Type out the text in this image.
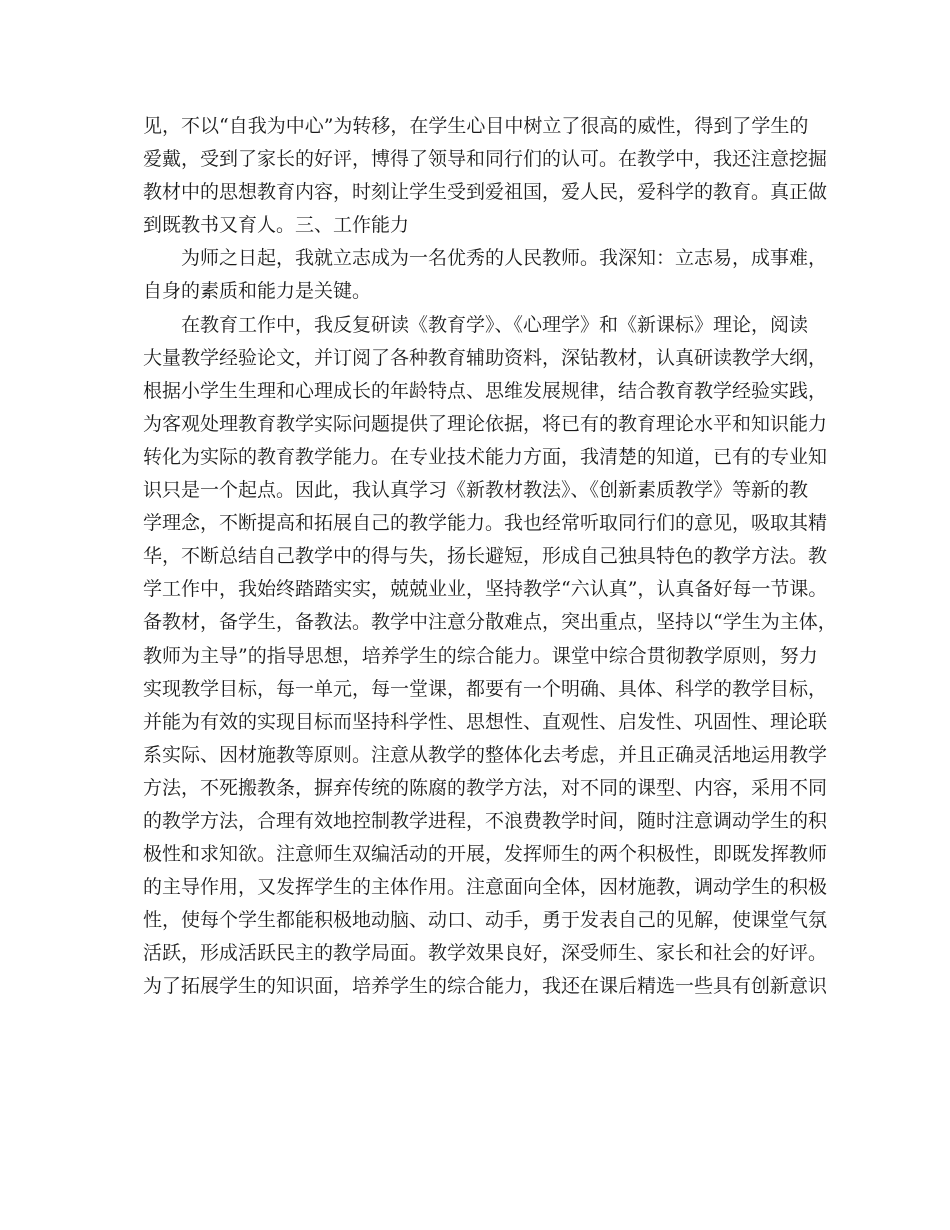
见，不以“自我为中心”为转移，在学生心目中树立了很高的威性，得到了学生的
爱戴，受到了家长的好评，博得了领导和同行们的认可。在教学中，我还注意挖掘
教材中的思想教育内容，时刻让学生受到爱祖国，爱人民，爱科学的教育。真正做
到既教书又育人。三、工作能力
为师之日起，我就立志成为一名优秀的人民教师。我深知：立志易，成事难，
自身的素质和能力是关键。
在教育工作中，我反复研读《教育学》、《心理学》和《新课标》理论，阅读
大量教学经验论文，并订阅了各种教育辅助资料，深钻教材，认真研读教学大纲，
根据小学生生理和心理成长的年龄特点、思维发展规律，结合教育教学经验实践，
为客观处理教育教学实际问题提供了理论依据，将已有的教育理论水平和知识能力
转化为实际的教育教学能力。在专业技术能力方面，我清楚的知道，已有的专业知
识只是一个起点。因此，我认真学习《新教材教法》、《创新素质教学》等新的教
学理念，不断提高和拓展自己的教学能力。我也经常听取同行们的意见，吸取其精
华，不断总结自己教学中的得与失，扬长避短，形成自己独具特色的教学方法。教
学工作中，我始终踏踏实实，兢兢业业，坚持教学“六认真”，认真备好每一节课。
备教材，备学生，备教法。教学中注意分散难点，突出重点，坚持以“学生为主体，
教师为主导”的指导思想，培养学生的综合能力。课堂中综合贯彻教学原则，努力
实现教学目标，每一单元，每一堂课，都要有一个明确、具体、科学的教学目标，
并能为有效的实现目标而坚持科学性、思想性、直观性、启发性、巩固性、理论联
系实际、因材施教等原则。注意从教学的整体化去考虑，并且正确灵活地运用教学
方法，不死搬教条，摒弃传统的陈腐的教学方法，对不同的课型、内容，采用不同
的教学方法，合理有效地控制教学进程，不浪费教学时间，随时注意调动学生的积
极性和求知欲。注意师生双编活动的开展，发挥师生的两个积极性，即既发挥教师
的主导作用，又发挥学生的主体作用。注意面向全体，因材施教，调动学生的积极
性，使每个学生都能积极地动脑、动口、动手，勇于发表自己的见解，使课堂气氛
活跃，形成活跃民主的教学局面。教学效果良好，深受师生、家长和社会的好评。
为了拓展学生的知识面，培养学生的综合能力，我还在课后精选一些具有创新意识
